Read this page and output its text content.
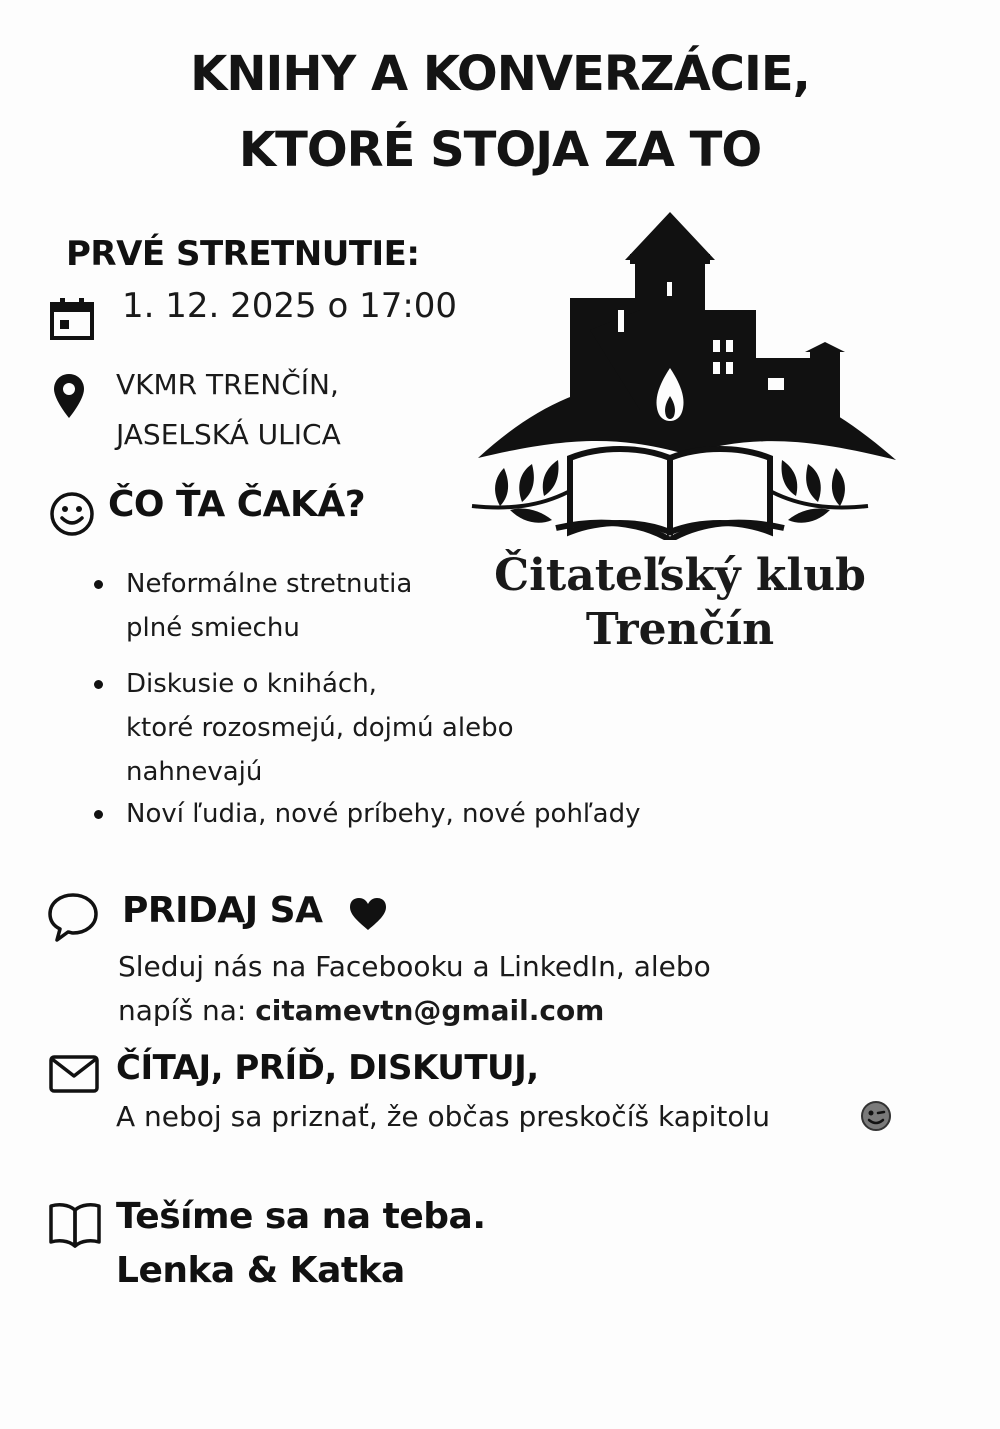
KNIHY A KONVERZÁCIE,
KTORÉ STOJA ZA TO
PRVÉ STRETNUTIE:
1. 12. 2025 o 17:00
VKMR TRENČÍN,
JASELSKÁ ULICA
ČO ŤA ČAKÁ?
Neformálne stretnutia
plné smiechu
Diskusie o knihách,
ktoré rozosmejú, dojmú alebo
nahnevajú
Noví ľudia, nové príbehy, nové pohľady
Čitateľský klub
Trenčín
PRIDAJ SA
Sleduj nás na Facebooku a LinkedIn, alebo
napíš na: citamevtn@gmail.com
ČÍTAJ, PRÍĎ, DISKUTUJ,
A neboj sa priznať, že občas preskočíš kapitolu
Tešíme sa na teba.
Lenka & Katka
